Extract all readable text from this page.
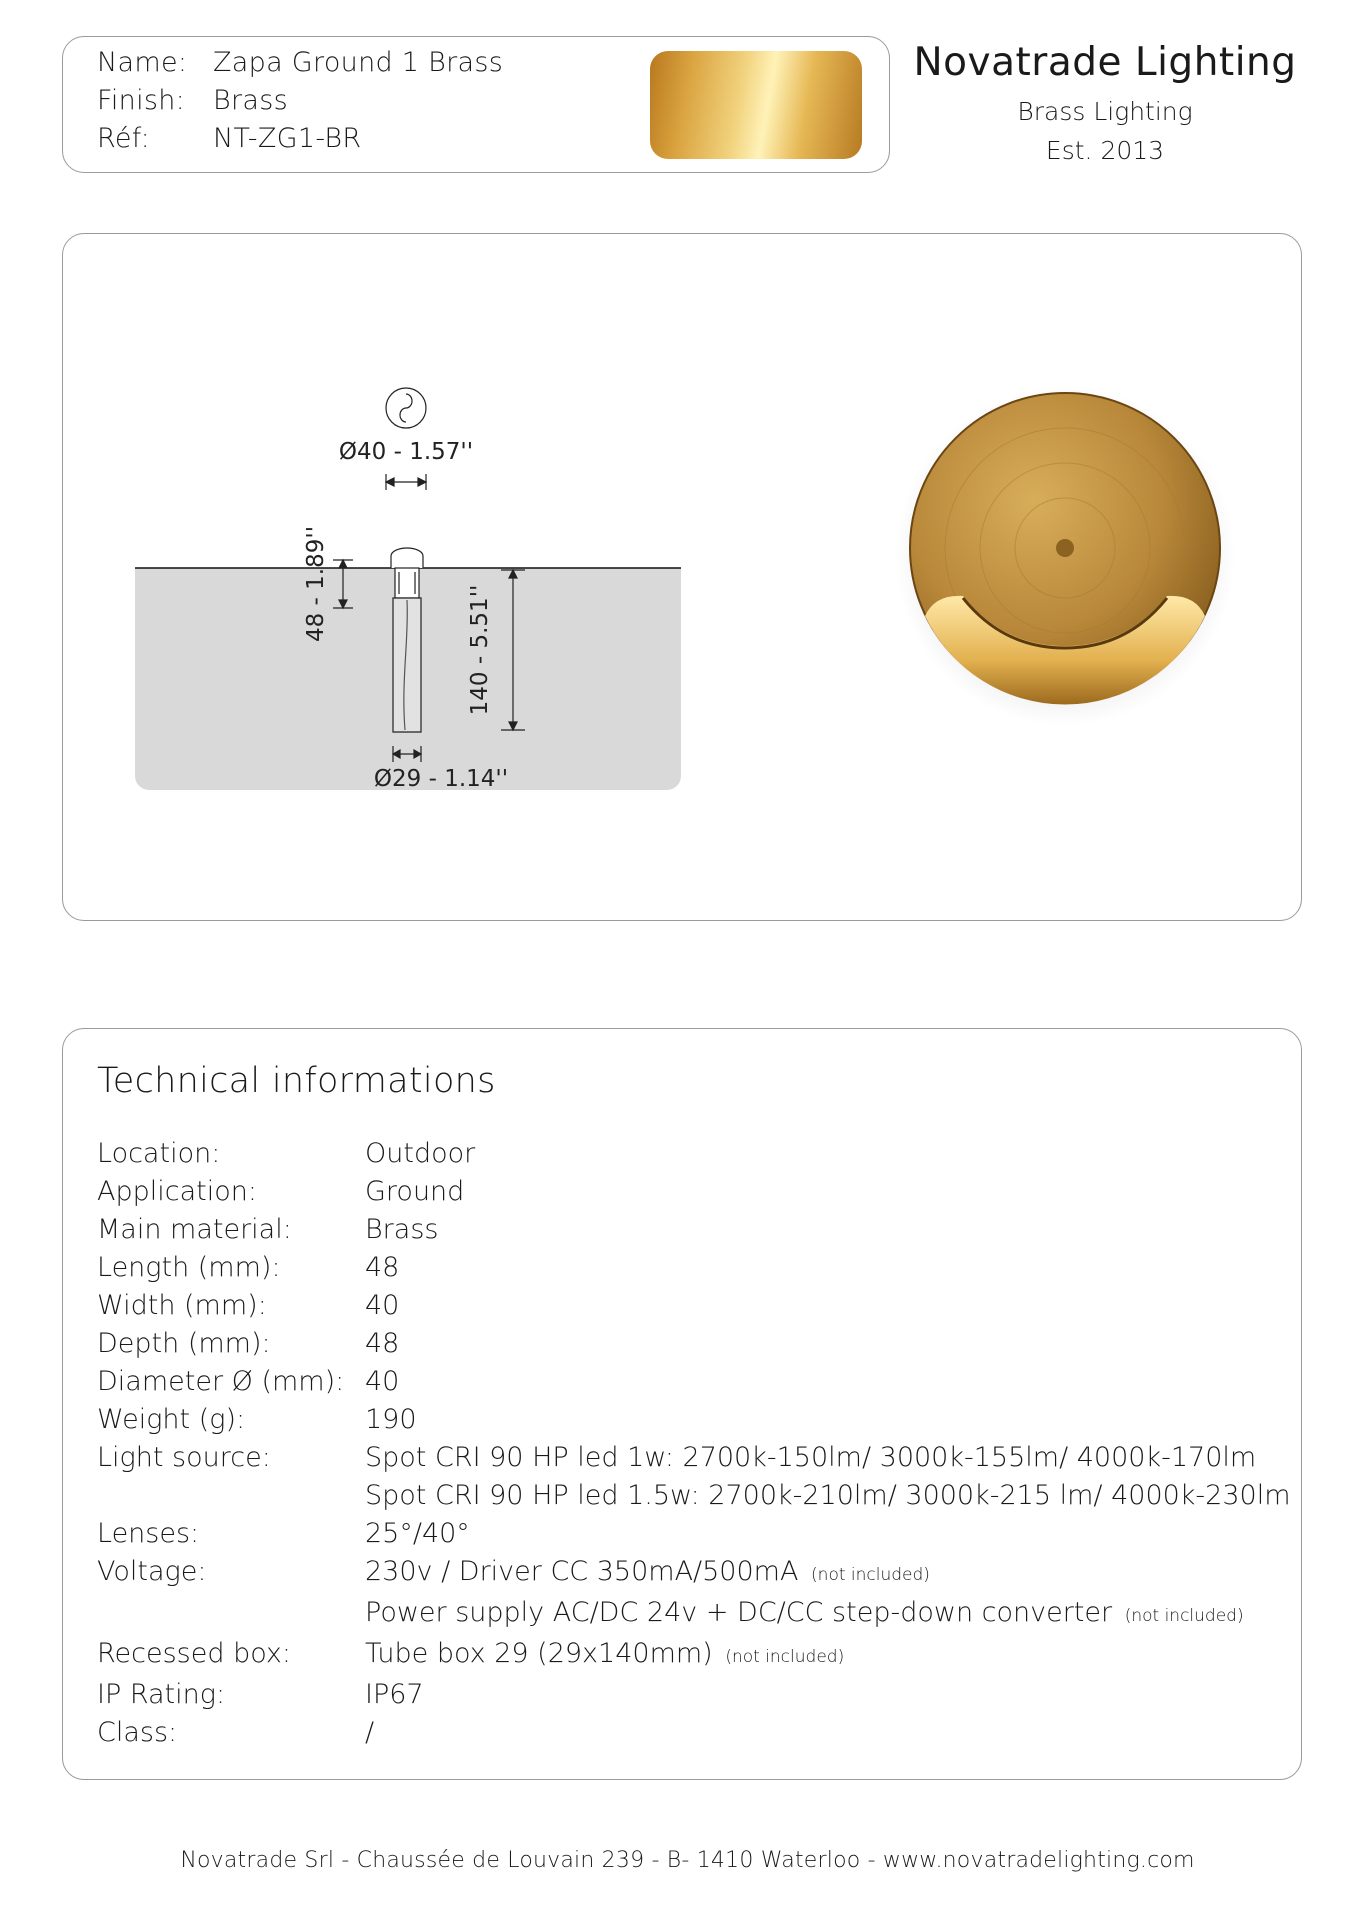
Name: Zapa Ground 1 Brass
Finish: Brass
Réf: NT-ZG1-BR
Novatrade Lighting
Brass Lighting
Est. 2013
Ø40 - 1.57''
48 - 1.89''
140 - 5.51''
Ø29 - 1.14''
Technical informations
Location:	Outdoor
Application:	Ground
Main material:	Brass
Length (mm):	48
Width (mm):	40
Depth (mm):	48
Diameter Ø (mm): 40
Weight (g):	190
Light source:	Spot CRI 90 HP led 1w: 2700k-150lm/ 3000k-155lm/ 4000k-170lm
Spot CRI 90 HP led 1.5w: 2700k-210lm/ 3000k-215 lm/ 4000k-230lm
Lenses:	25°/40°
Voltage:	230v / Driver CC 350mA/500mA (not included)
Power supply AC/DC 24v + DC/CC step-down converter (not included)
Recessed box:	Tube box 29 (29x140mm) (not included)
IP Rating:	IP67
Class:	/
Novatrade Srl - Chaussée de Louvain 239 - B- 1410 Waterloo - www.novatradelighting.com
